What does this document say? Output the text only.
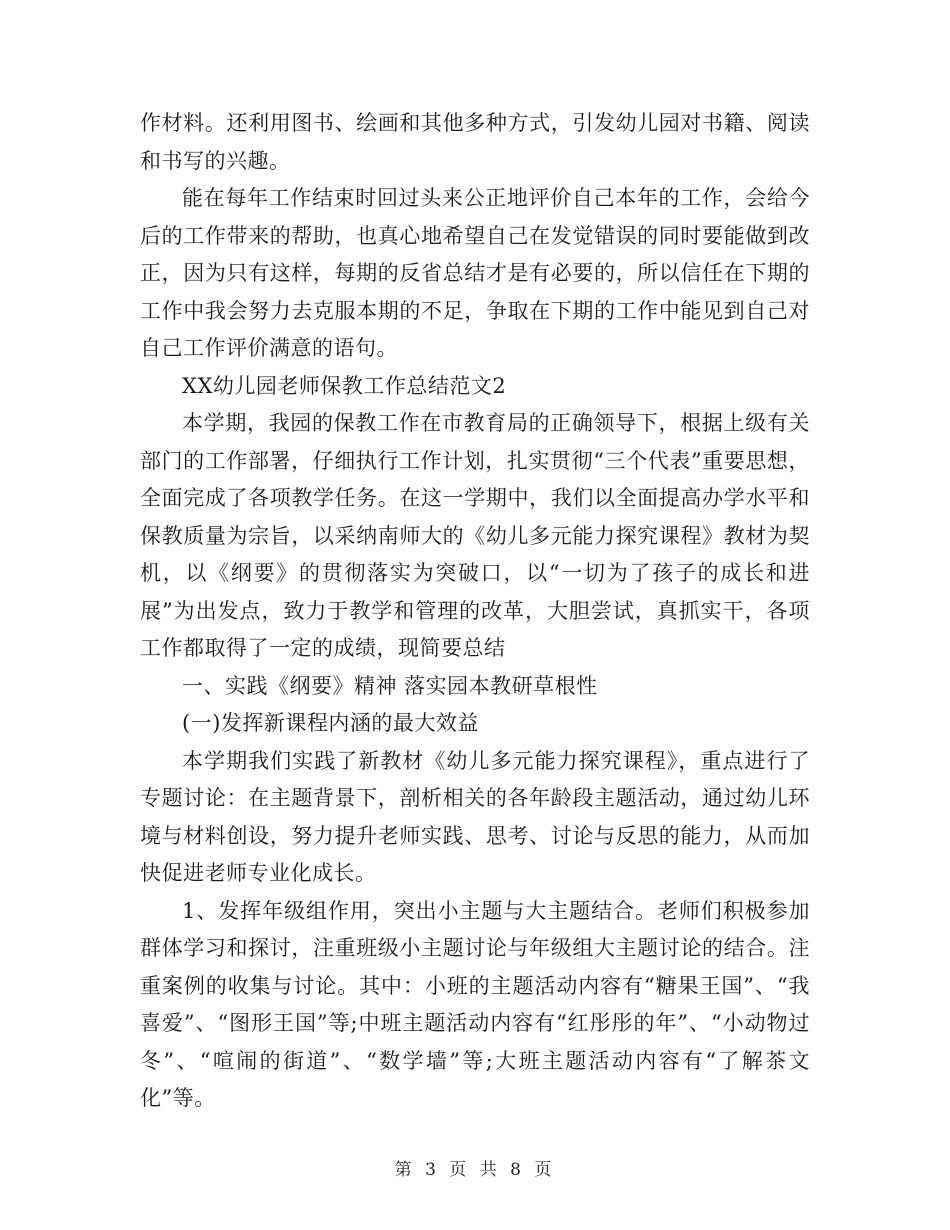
作材料。还利用图书、绘画和其他多种方式，引发幼儿园对书籍、阅读和书写的兴趣。

能在每年工作结束时回过头来公正地评价自己本年的工作，会给今后的工作带来的帮助，也真心地希望自己在发觉错误的同时要能做到改正，因为只有这样，每期的反省总结才是有必要的，所以信任在下期的工作中我会努力去克服本期的不足，争取在下期的工作中能见到自己对自己工作评价满意的语句。

XX幼儿园老师保教工作总结范文2

本学期，我园的保教工作在市教育局的正确领导下，根据上级有关部门的工作部署，仔细执行工作计划，扎实贯彻“三个代表”重要思想，全面完成了各项教学任务。在这一学期中，我们以全面提高办学水平和保教质量为宗旨，以采纳南师大的《幼儿多元能力探究课程》教材为契机，以《纲要》的贯彻落实为突破口，以“一切为了孩子的成长和进展”为出发点，致力于教学和管理的改革，大胆尝试，真抓实干，各项工作都取得了一定的成绩，现简要总结

一、实践《纲要》精神 落实园本教研草根性

(一)发挥新课程内涵的最大效益

本学期我们实践了新教材《幼儿多元能力探究课程》，重点进行了专题讨论：在主题背景下，剖析相关的各年龄段主题活动，通过幼儿环境与材料创设，努力提升老师实践、思考、讨论与反思的能力，从而加快促进老师专业化成长。

1、发挥年级组作用，突出小主题与大主题结合。老师们积极参加群体学习和探讨，注重班级小主题讨论与年级组大主题讨论的结合。注重案例的收集与讨论。其中：小班的主题活动内容有“糖果王国”、“我喜爱”、“图形王国”等;中班主题活动内容有“红彤彤的年”、“小动物过冬”、“喧闹的街道”、“数学墙”等;大班主题活动内容有“了解茶文化”等。

第 3 页 共 8 页
